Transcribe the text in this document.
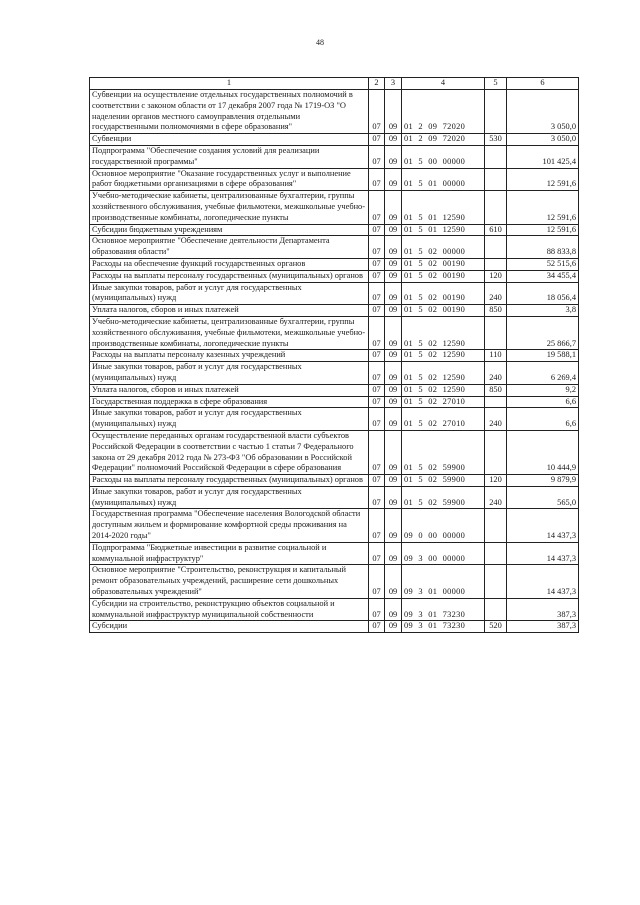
48
1	2	3	4	5	6
Субвенции на осуществление отдельных государственных полномочий в соответствии с законом области от 17 декабря 2007 года № 1719-ОЗ "О наделении органов местного самоуправления отдельными государственными полномочиями в сфере образования"	07	09	01 2 09 72020		3 050,0
Субвенции	07	09	01 2 09 72020	530	3 050,0
Подпрограмма "Обеспечение создания условий для реализации государственной программы"	07	09	01 5 00 00000		101 425,4
Основное мероприятие "Оказание государственных услуг и выполнение работ бюджетными организациями в сфере образования"	07	09	01 5 01 00000		12 591,6
Учебно-методические кабинеты, централизованные бухгалтерии, группы хозяйственного обслуживания, учебные фильмотеки, межшкольные учебно-производственные комбинаты, логопедические пункты	07	09	01 5 01 12590		12 591,6
Субсидии бюджетным учреждениям	07	09	01 5 01 12590	610	12 591,6
Основное мероприятие "Обеспечение деятельности Департамента образования области"	07	09	01 5 02 00000		88 833,8
Расходы на обеспечение функций государственных органов	07	09	01 5 02 00190		52 515,6
Расходы на выплаты персоналу государственных (муниципальных) органов	07	09	01 5 02 00190	120	34 455,4
Иные закупки товаров, работ и услуг для государственных (муниципальных) нужд	07	09	01 5 02 00190	240	18 056,4
Уплата налогов, сборов и иных платежей	07	09	01 5 02 00190	850	3,8
Учебно-методические кабинеты, централизованные бухгалтерии, группы хозяйственного обслуживания, учебные фильмотеки, межшкольные учебно-производственные комбинаты, логопедические пункты	07	09	01 5 02 12590		25 866,7
Расходы на выплаты персоналу казенных учреждений	07	09	01 5 02 12590	110	19 588,1
Иные закупки товаров, работ и услуг для государственных (муниципальных) нужд	07	09	01 5 02 12590	240	6 269,4
Уплата налогов, сборов и иных платежей	07	09	01 5 02 12590	850	9,2
Государственная поддержка в сфере образования	07	09	01 5 02 27010		6,6
Иные закупки товаров, работ и услуг для государственных (муниципальных) нужд	07	09	01 5 02 27010	240	6,6
Осуществление переданных органам государственной власти субъектов Российской Федерации в соответствии с частью 1 статьи 7 Федерального закона от 29 декабря 2012 года № 273-ФЗ "Об образовании в Российской Федерации" полномочий Российской Федерации в сфере образования	07	09	01 5 02 59900		10 444,9
Расходы на выплаты персоналу государственных (муниципальных) органов	07	09	01 5 02 59900	120	9 879,9
Иные закупки товаров, работ и услуг для государственных (муниципальных) нужд	07	09	01 5 02 59900	240	565,0
Государственная программа "Обеспечение населения Вологодской области доступным жильем и формирование комфортной среды проживания на 2014-2020 годы"	07	09	09 0 00 00000		14 437,3
Подпрограмма "Бюджетные инвестиции в развитие социальной и коммунальной инфраструктур"	07	09	09 3 00 00000		14 437,3
Основное мероприятие "Строительство, реконструкция и капитальный ремонт образовательных учреждений, расширение сети дошкольных образовательных учреждений"	07	09	09 3 01 00000		14 437,3
Субсидии на строительство, реконструкцию объектов социальной и коммунальной инфраструктур муниципальной собственности	07	09	09 3 01 73230		387,3
Субсидии	07	09	09 3 01 73230	520	387,3
